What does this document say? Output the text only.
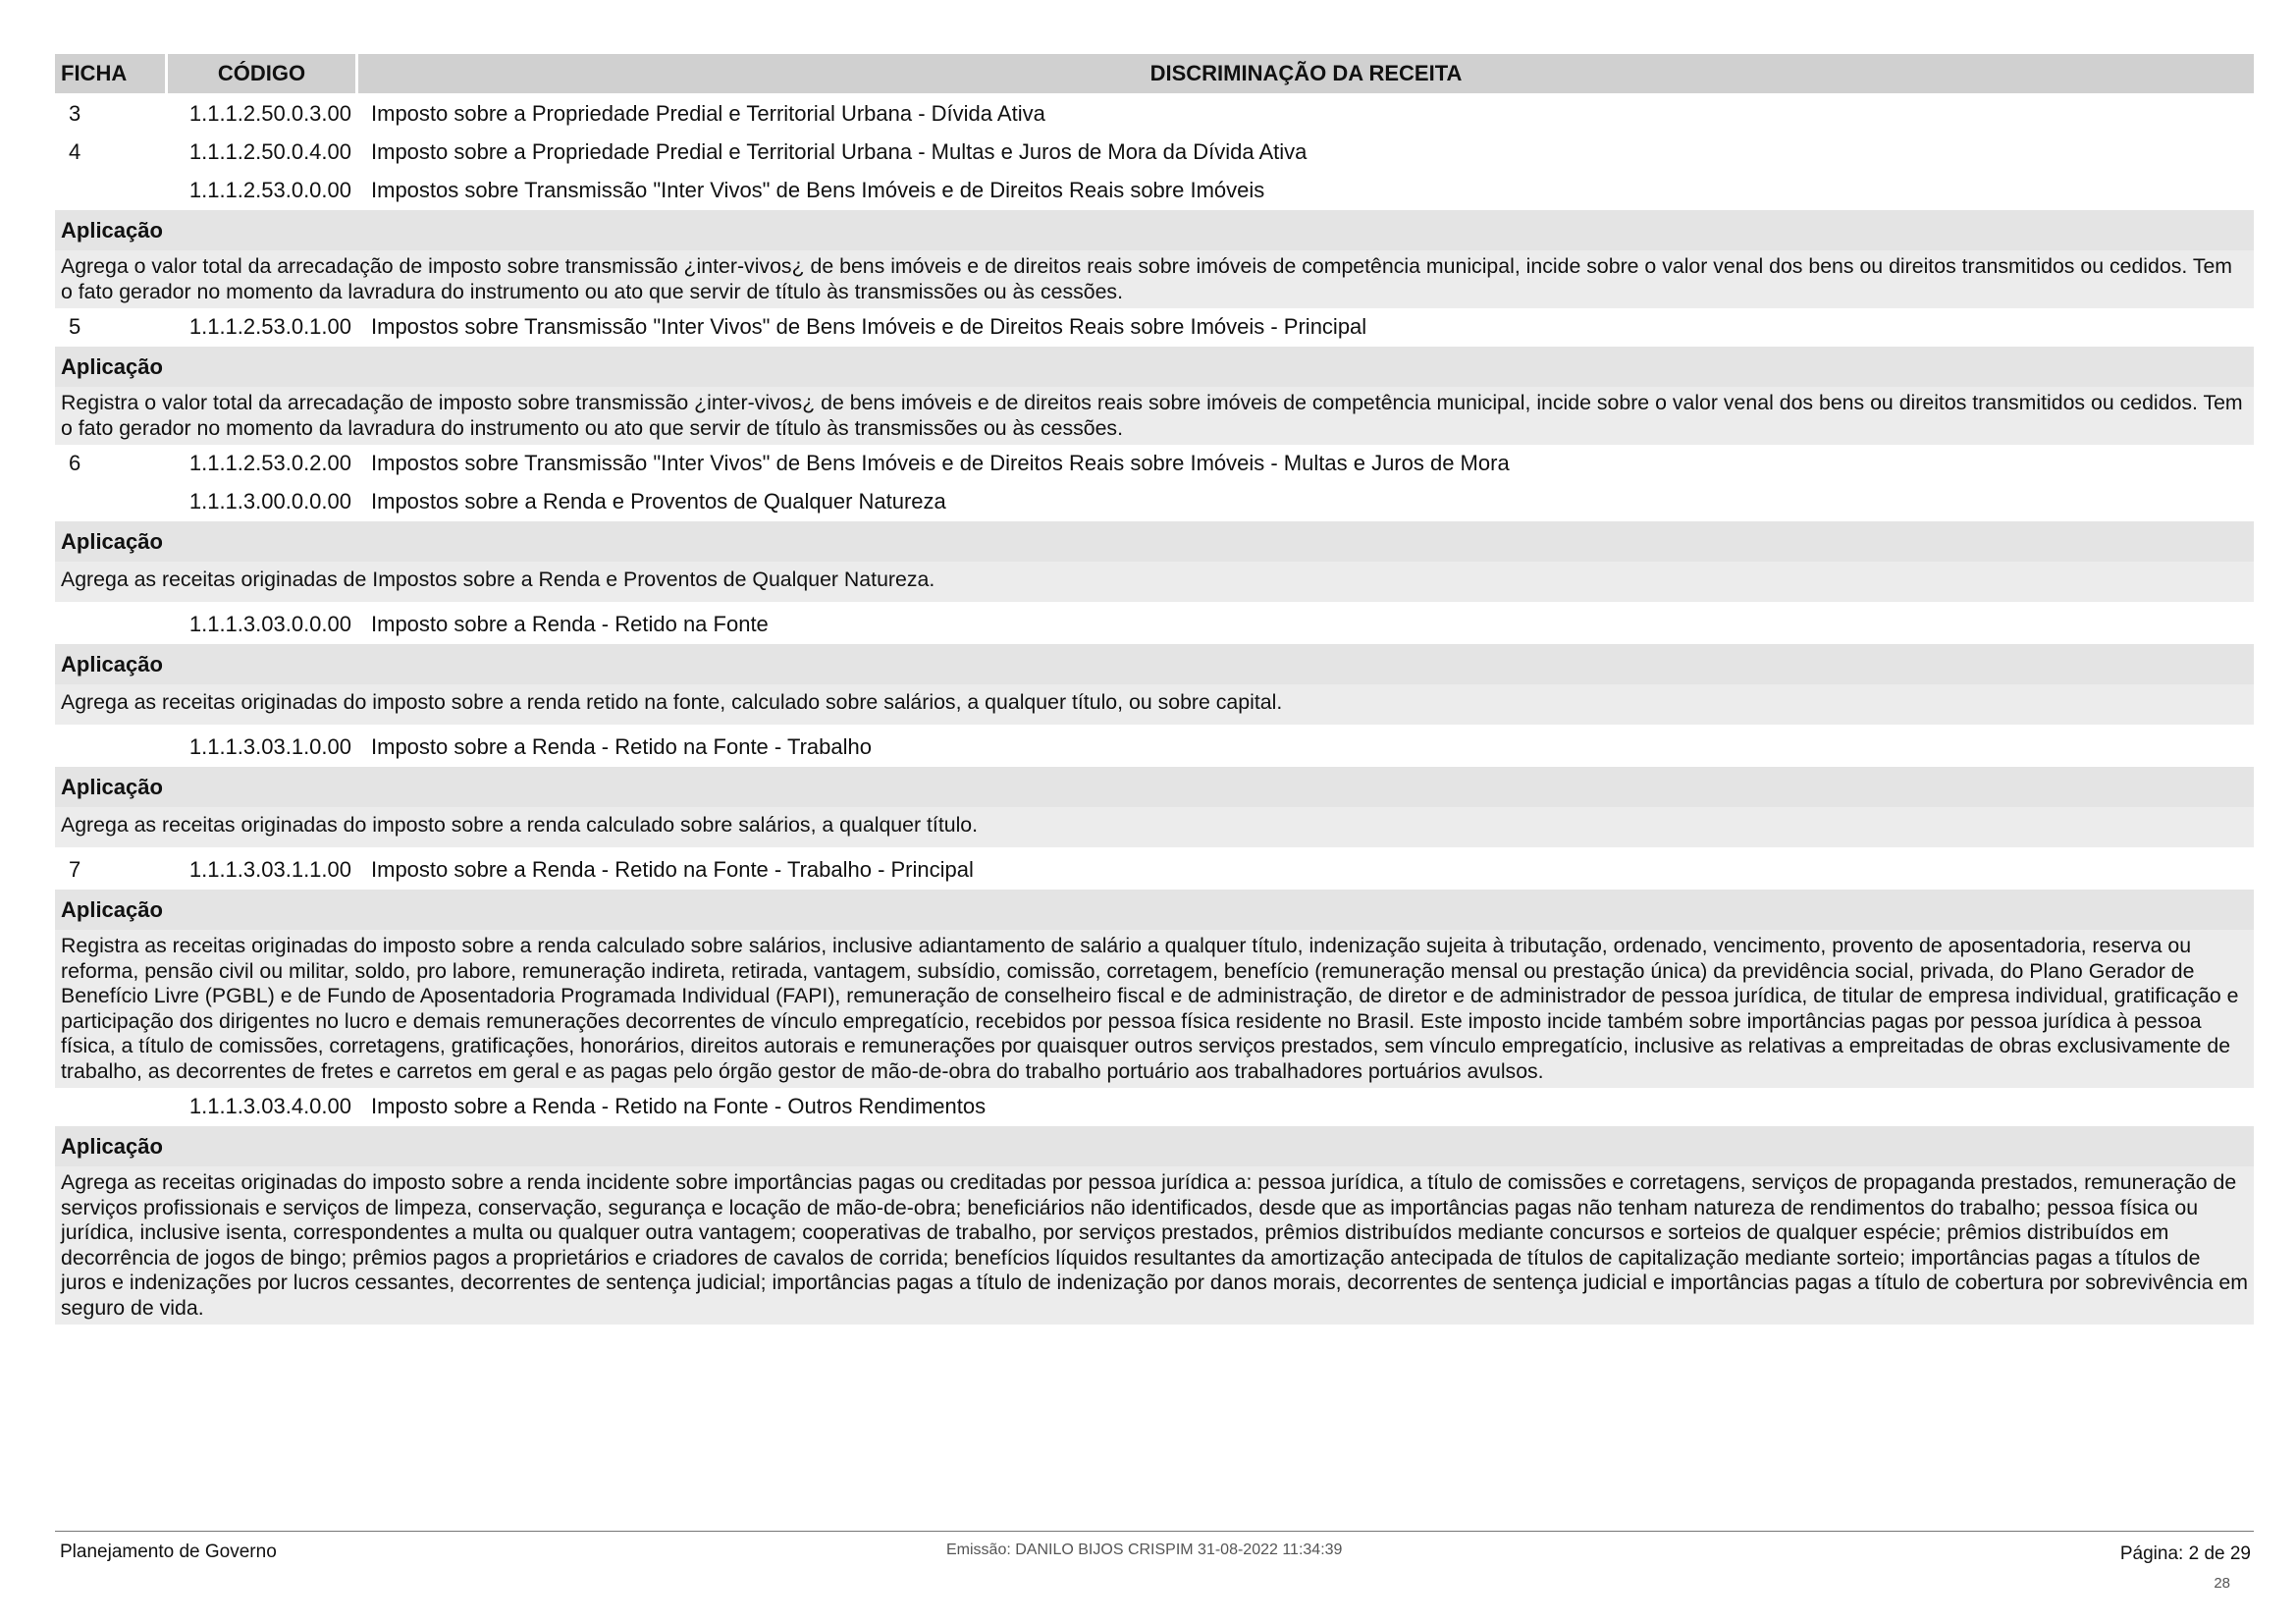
FICHA	CÓDIGO	DISCRIMINAÇÃO DA RECEITA
3	1.1.1.2.50.0.3.00 Imposto sobre a Propriedade Predial e Territorial Urbana - Dívida Ativa
4	1.1.1.2.50.0.4.00 Imposto sobre a Propriedade Predial e Territorial Urbana - Multas e Juros de Mora da Dívida Ativa
1.1.1.2.53.0.0.00 Impostos sobre Transmissão "Inter Vivos" de Bens Imóveis e de Direitos Reais sobre Imóveis
Aplicação
Agrega o valor total da arrecadação de imposto sobre transmissão ¿inter-vivos¿ de bens imóveis e de direitos reais sobre imóveis de competência municipal, incide sobre o valor venal dos bens ou direitos transmitidos ou cedidos. Tem o fato gerador no momento da lavradura do instrumento ou ato que servir de título às transmissões ou às cessões.
5	1.1.1.2.53.0.1.00 Impostos sobre Transmissão "Inter Vivos" de Bens Imóveis e de Direitos Reais sobre Imóveis - Principal
Aplicação
Registra o valor total da arrecadação de imposto sobre transmissão ¿inter-vivos¿ de bens imóveis e de direitos reais sobre imóveis de competência municipal, incide sobre o valor venal dos bens ou direitos transmitidos ou cedidos. Tem o fato gerador no momento da lavradura do instrumento ou ato que servir de título às transmissões ou às cessões.
6	1.1.1.2.53.0.2.00 Impostos sobre Transmissão "Inter Vivos" de Bens Imóveis e de Direitos Reais sobre Imóveis - Multas e Juros de Mora
1.1.1.3.00.0.0.00 Impostos sobre a Renda e Proventos de Qualquer Natureza
Aplicação
Agrega as receitas originadas de Impostos sobre a Renda e Proventos de Qualquer Natureza.
1.1.1.3.03.0.0.00 Imposto sobre a Renda - Retido na Fonte
Aplicação
Agrega as receitas originadas do imposto sobre a renda retido na fonte, calculado sobre salários, a qualquer título, ou sobre capital.
1.1.1.3.03.1.0.00 Imposto sobre a Renda - Retido na Fonte - Trabalho
Aplicação
Agrega as receitas originadas do imposto sobre a renda calculado sobre salários, a qualquer título.
7	1.1.1.3.03.1.1.00 Imposto sobre a Renda - Retido na Fonte - Trabalho - Principal
Aplicação
Registra as receitas originadas do imposto sobre a renda calculado sobre salários, inclusive adiantamento de salário a qualquer título, indenização sujeita à tributação, ordenado, vencimento, provento de aposentadoria, reserva ou reforma, pensão civil ou militar, soldo, pro labore, remuneração indireta, retirada, vantagem, subsídio, comissão, corretagem, benefício (remuneração mensal ou prestação única) da previdência social, privada, do Plano Gerador de Benefício Livre (PGBL) e de Fundo de Aposentadoria Programada Individual (FAPI), remuneração de conselheiro fiscal e de administração, de diretor e de administrador de pessoa jurídica, de titular de empresa individual, gratificação e participação dos dirigentes no lucro e demais remunerações decorrentes de vínculo empregatício, recebidos por pessoa física residente no Brasil. Este imposto incide também sobre importâncias pagas por pessoa jurídica à pessoa física, a título de comissões, corretagens, gratificações, honorários, direitos autorais e remunerações por quaisquer outros serviços prestados, sem vínculo empregatício, inclusive as relativas a empreitadas de obras exclusivamente de trabalho, as decorrentes de fretes e carretos em geral e as pagas pelo órgão gestor de mão-de-obra do trabalho portuário aos trabalhadores portuários avulsos.
1.1.1.3.03.4.0.00 Imposto sobre a Renda - Retido na Fonte - Outros Rendimentos
Aplicação
Agrega as receitas originadas do imposto sobre a renda incidente sobre importâncias pagas ou creditadas por pessoa jurídica a: pessoa jurídica, a título de comissões e corretagens, serviços de propaganda prestados, remuneração de serviços profissionais e serviços de limpeza, conservação, segurança e locação de mão-de-obra; beneficiários não identificados, desde que as importâncias pagas não tenham natureza de rendimentos do trabalho; pessoa física ou jurídica, inclusive isenta, correspondentes a multa ou qualquer outra vantagem; cooperativas de trabalho, por serviços prestados, prêmios distribuídos mediante concursos e sorteios de qualquer espécie; prêmios distribuídos em decorrência de jogos de bingo; prêmios pagos a proprietários e criadores de cavalos de corrida; benefícios líquidos resultantes da amortização antecipada de títulos de capitalização mediante sorteio; importâncias pagas a títulos de juros e indenizações por lucros cessantes, decorrentes de sentença judicial; importâncias pagas a título de indenização por danos morais, decorrentes de sentença judicial e importâncias pagas a título de cobertura por sobrevivência em seguro de vida.
Planejamento de Governo	Emissão: DANILO BIJOS CRISPIM 31-08-2022 11:34:39	Página: 2 de 29
28
